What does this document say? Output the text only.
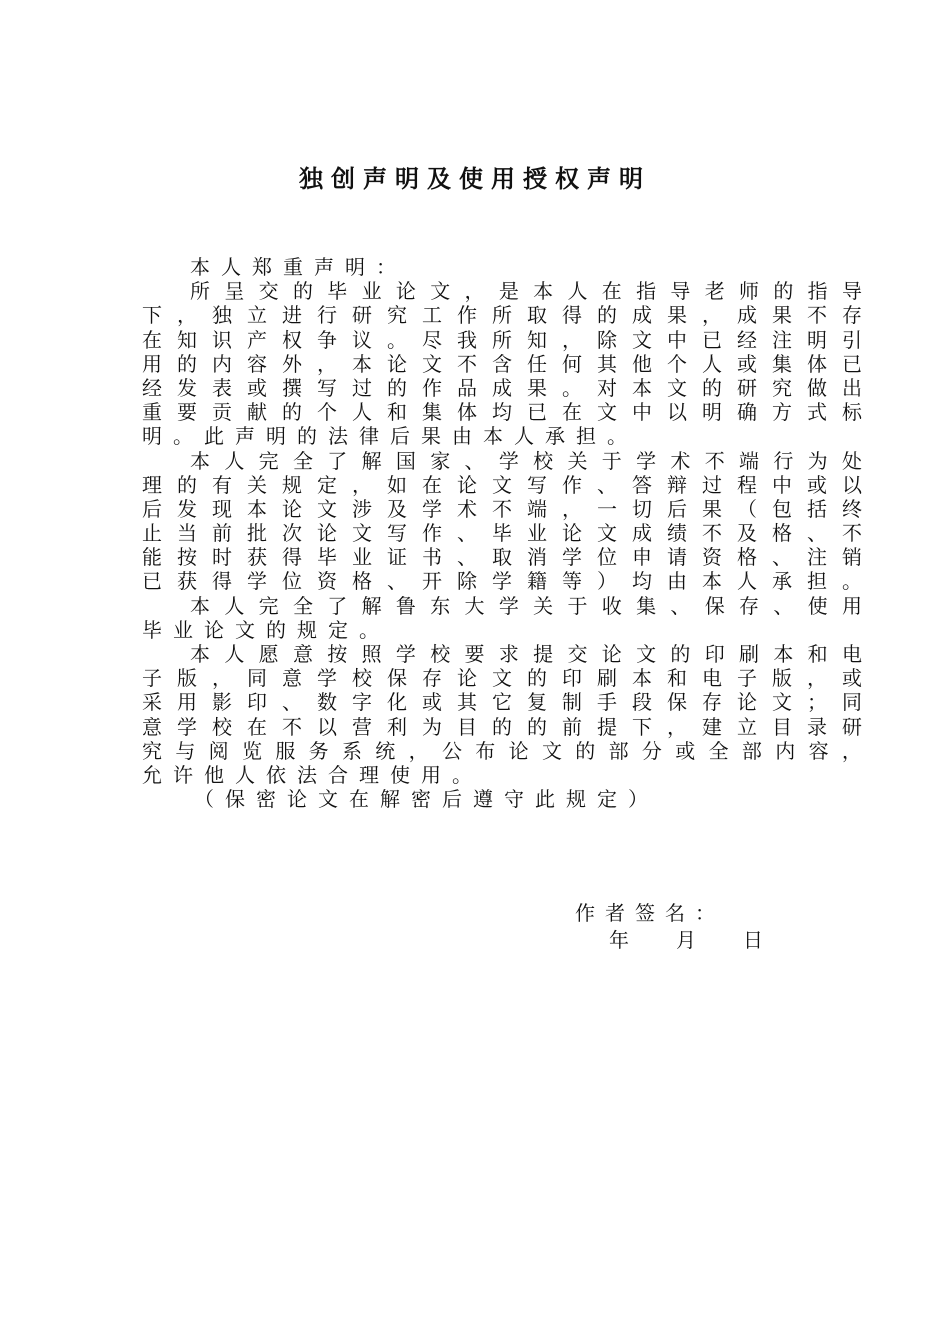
独创声明及使用授权声明
本人郑重声明：
所 呈 交 的 毕 业 论 文 ， 是 本 人 在 指 导 老 师 的 指 导
下 ， 独 立 进 行 研 究 工 作 所 取 得 的 成 果 ， 成 果 不 存
在 知 识 产 权 争 议 。 尽 我 所 知 ， 除 文 中 已 经 注 明 引
用 的 内 容 外 ， 本 论 文 不 含 任 何 其 他 个 人 或 集 体 已
经 发 表 或 撰 写 过 的 作 品 成 果 。 对 本 文 的 研 究 做 出
重 要 贡 献 的 个 人 和 集 体 均 已 在 文 中 以 明 确 方 式 标
明。此声明的法律后果由本人承担。
本 人 完 全 了 解 国 家 、 学 校 关 于 学 术 不 端 行 为 处
理 的 有 关 规 定 ， 如 在 论 文 写 作 、 答 辩 过 程 中 或 以
后 发 现 本 论 文 涉 及 学 术 不 端 ， 一 切 后 果 （ 包 括 终
止 当 前 批 次 论 文 写 作 、 毕 业 论 文 成 绩 不 及 格 、 不
能 按 时 获 得 毕 业 证 书 、 取 消 学 位 申 请 资 格 、 注 销
已 获 得 学 位 资 格 、 开 除 学 籍 等 ） 均 由 本 人 承 担 。
本 人 完 全 了 解 鲁 东 大 学 关 于 收 集 、 保 存 、 使 用
毕业论文的规定。
本 人 愿 意 按 照 学 校 要 求 提 交 论 文 的 印 刷 本 和 电
子 版 ， 同 意 学 校 保 存 论 文 的 印 刷 本 和 电 子 版 ， 或
采 用 影 印 、 数 字 化 或 其 它 复 制 手 段 保 存 论 文 ； 同
意 学 校 在 不 以 营 利 为 目 的 的 前 提 下 ， 建 立 目 录 研
究 与 阅 览 服 务 系 统 ， 公 布 论 文 的 部 分 或 全 部 内 容 ，
允许他人依法合理使用。
（保密论文在解密后遵守此规定）
作者签名：
年 月 日
